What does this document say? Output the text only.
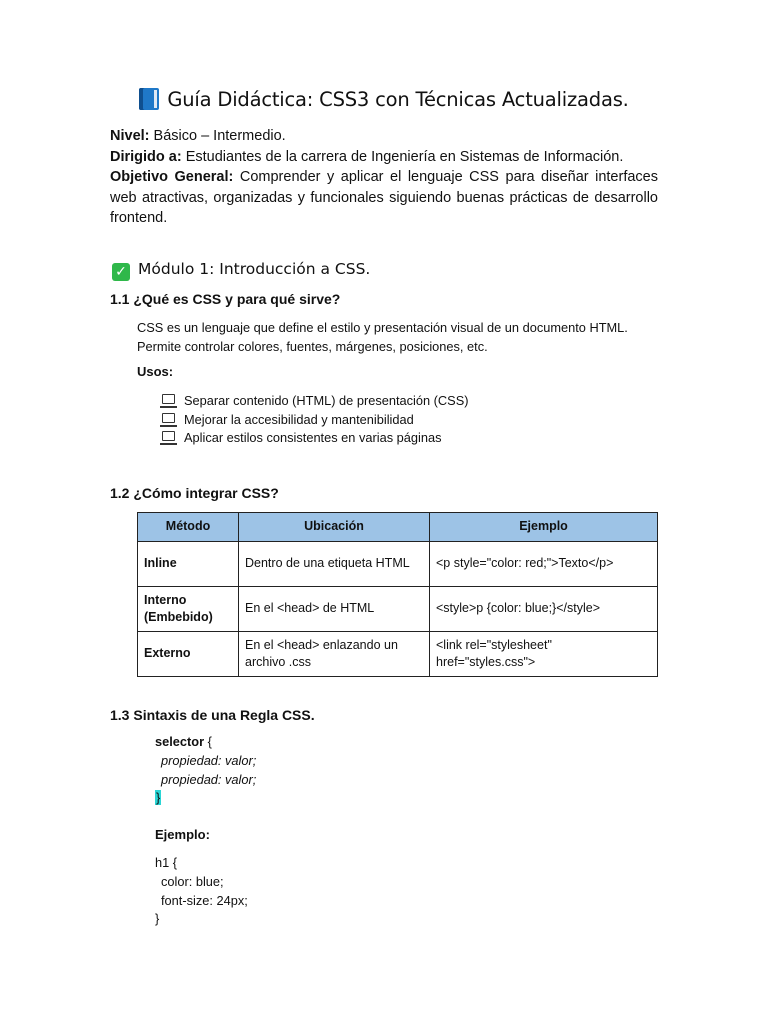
Guía Didáctica: CSS3 con Técnicas Actualizadas.

Nivel: Básico – Intermedio.

Dirigido a: Estudiantes de la carrera de Ingeniería en Sistemas de Información.

Objetivo General: Comprender y aplicar el lenguaje CSS para diseñar interfaces web atractivas, organizadas y funcionales siguiendo buenas prácticas de desarrollo frontend.

✓ Módulo 1: Introducción a CSS.
1.1 ¿Qué es CSS y para qué sirve?

CSS es un lenguaje que define el estilo y presentación visual de un documento HTML.

Permite controlar colores, fuentes, márgenes, posiciones, etc.

Usos:
Separar contenido (HTML) de presentación (CSS)
Mejorar la accesibilidad y mantenibilidad
Aplicar estilos consistentes en varias páginas
1.2 ¿Cómo integrar CSS?
Método	Ubicación	Ejemplo
Inline	Dentro de una etiqueta HTML	<p style="color: red;">Texto</p>
Interno (Embebido)	En el <head> de HTML	<style>p {color: blue;}</style>
Externo	En el <head> enlazando un archivo .css	<link rel="stylesheet" href="styles.css">
1.3 Sintaxis de una Regla CSS.
selector {
propiedad: valor;
propiedad: valor;
}
Ejemplo:
h1 {
color: blue;
font-size: 24px;
}
